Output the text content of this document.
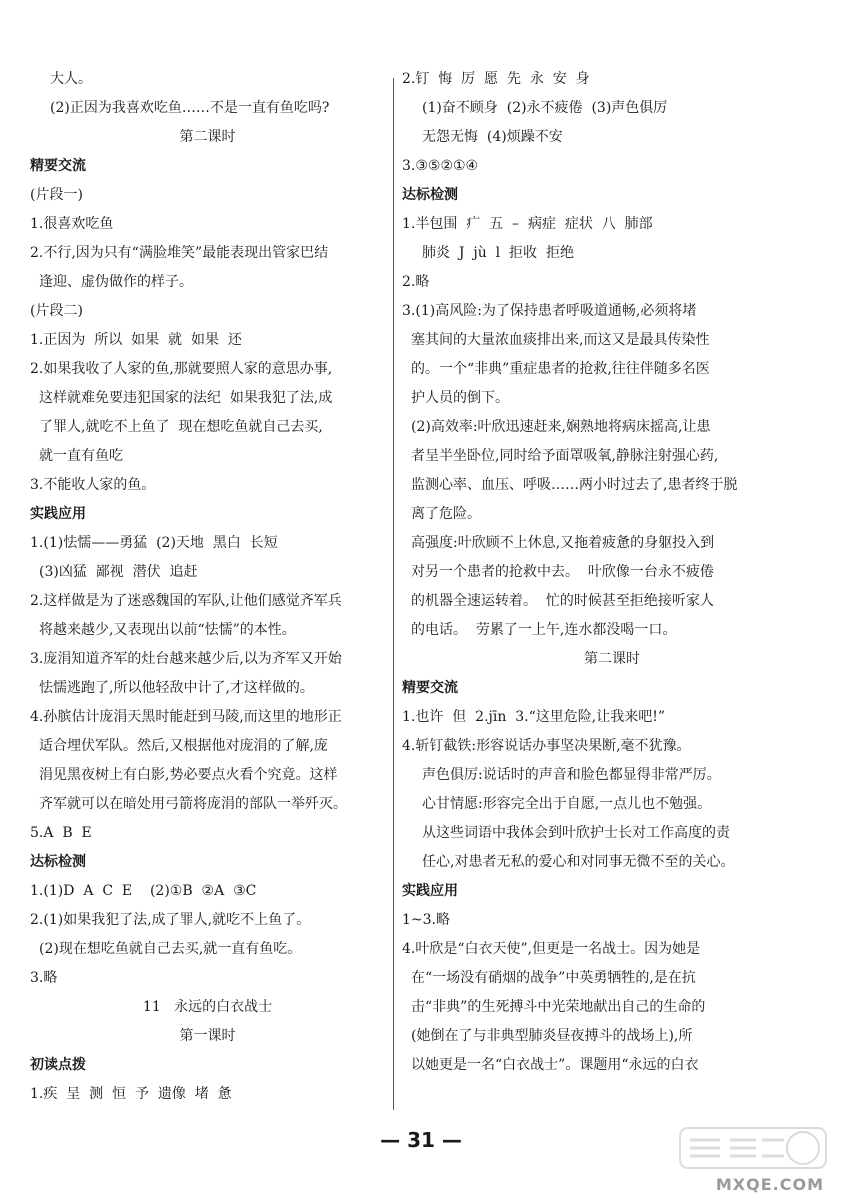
大人。
(2)正因为我喜欢吃鱼……不是一直有鱼吃吗?
第二课时
精要交流
(片段一)
1.很喜欢吃鱼
2.不行,因为只有“满脸堆笑”最能表现出管家巴结
逢迎、虚伪做作的样子。
(片段二)
1.正因为  所以  如果  就  如果  还
2.如果我收了人家的鱼,那就要照人家的意思办事,
这样就难免要违犯国家的法纪  如果我犯了法,成
了罪人,就吃不上鱼了  现在想吃鱼就自己去买,
就一直有鱼吃
3.不能收人家的鱼。
实践应用
1.(1)怯懦——勇猛  (2)天地  黑白  长短
(3)凶猛  鄙视  潜伏  追赶
2.这样做是为了迷惑魏国的军队,让他们感觉齐军兵
将越来越少,又表现出以前“怯懦”的本性。
3.庞涓知道齐军的灶台越来越少后,以为齐军又开始
怯懦逃跑了,所以他轻敌中计了,才这样做的。
4.孙膑估计庞涓天黑时能赶到马陵,而这里的地形正
适合埋伏军队。然后,又根据他对庞涓的了解,庞
涓见黑夜树上有白影,势必要点火看个究竟。这样
齐军就可以在暗处用弓箭将庞涓的部队一举歼灭。
5.A  B  E
达标检测
1.(1)D  A  C  E    (2)①B  ②A  ③C
2.(1)如果我犯了法,成了罪人,就吃不上鱼了。
(2)现在想吃鱼就自己去买,就一直有鱼吃。
3.略
11   永远的白衣战士
第一课时
初读点拨
1.疾  呈  测  恒  予  遗像  堵  惫
2.钉  悔  厉  愿  先  永  安  身
(1)奋不顾身  (2)永不疲倦  (3)声色俱厉
无怨无悔  (4)烦躁不安
3.③⑤②①④
达标检测
1.半包围  疒  五  –  病症  症状  八  肺部
肺炎  J  jù  l  拒收  拒绝
2.略
3.(1)高风险:为了保持患者呼吸道通畅,必须将堵
塞其间的大量浓血痰排出来,而这又是最具传染性
的。一个“非典”重症患者的抢救,往往伴随多名医
护人员的倒下。
(2)高效率:叶欣迅速赶来,娴熟地将病床摇高,让患
者呈半坐卧位,同时给予面罩吸氧,静脉注射强心药,
监测心率、血压、呼吸……两小时过去了,患者终于脱
离了危险。
高强度:叶欣顾不上休息,又拖着疲惫的身躯投入到
对另一个患者的抢救中去。  叶欣像一台永不疲倦
的机器全速运转着。  忙的时候甚至拒绝接听家人
的电话。  劳累了一上午,连水都没喝一口。
第二课时
精要交流
1.也许  但  2.jīn  3.“这里危险,让我来吧!”
4.斩钉截铁:形容说话办事坚决果断,毫不犹豫。
声色俱厉:说话时的声音和脸色都显得非常严厉。
心甘情愿:形容完全出于自愿,一点儿也不勉强。
从这些词语中我体会到叶欣护士长对工作高度的责
任心,对患者无私的爱心和对同事无微不至的关心。
实践应用
1~3.略
4.叶欣是“白衣天使”,但更是一名战士。因为她是
在“一场没有硝烟的战争”中英勇牺牲的,是在抗
击“非典”的生死搏斗中光荣地献出自己的生命的
(她倒在了与非典型肺炎昼夜搏斗的战场上),所
以她更是一名“白衣战士”。课题用“永远的白衣
— 31 —
MXQE.COM
